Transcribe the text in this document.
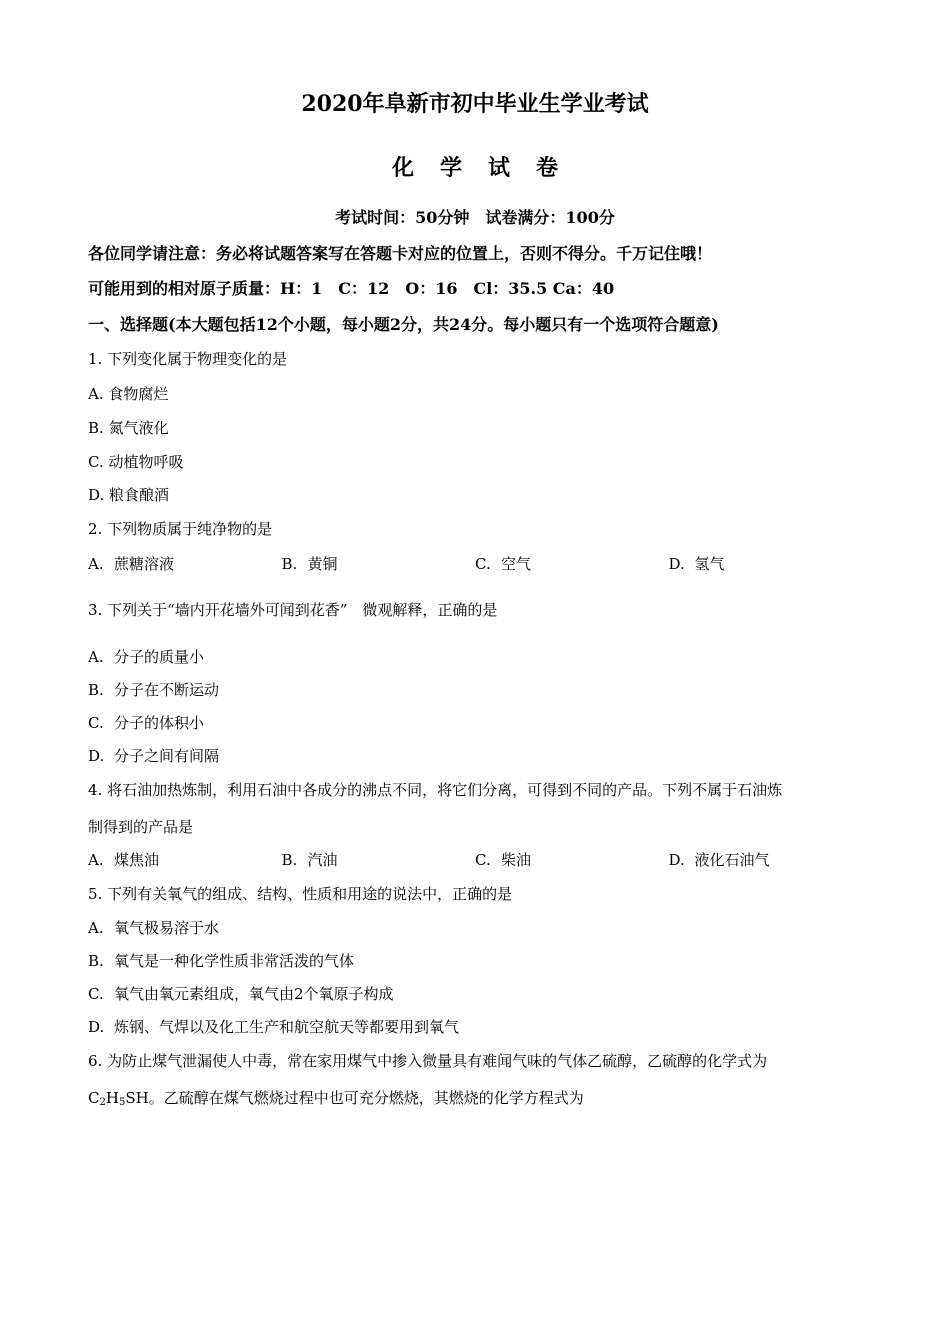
2020年阜新市初中毕业生学业考试
化学试卷
考试时间：50分钟　试卷满分：100分
各位同学请注意：务必将试题答案写在答题卡对应的位置上，否则不得分。千万记住哦！
可能用到的相对原子质量：H：1　C：12　O：16　Cl：35.5 Ca：40
一、选择题(本大题包括12个小题，每小题2分，共24分。每小题只有一个选项符合题意)
1. 下列变化属于物理变化的是
A. 食物腐烂
B. 氮气液化
C. 动植物呼吸
D. 粮食酿酒
2. 下列物质属于纯净物的是
A. 蔗糖溶液	B. 黄铜	C. 空气	D. 氢气
3. 下列关于“墙内开花墙外可闻到花香”　微观解释，正确的是
A. 分子的质量小
B. 分子在不断运动
C. 分子的体积小
D. 分子之间有间隔
4. 将石油加热炼制，利用石油中各成分的沸点不同，将它们分离，可得到不同的产品。下列不属于石油炼
制得到的产品是
A. 煤焦油	B. 汽油	C. 柴油	D. 液化石油气
5. 下列有关氧气的组成、结构、性质和用途的说法中，正确的是
A. 氧气极易溶于水
B. 氧气是一种化学性质非常活泼的气体
C. 氧气由氧元素组成，氧气由2个氧原子构成
D. 炼钢、气焊以及化工生产和航空航天等都要用到氧气
6. 为防止煤气泄漏使人中毒，常在家用煤气中掺入微量具有难闻气味的气体乙硫醇，乙硫醇的化学式为
$C_2H_5SH$。乙硫醇在煤气燃烧过程中也可充分燃烧，其燃烧的化学方程式为
